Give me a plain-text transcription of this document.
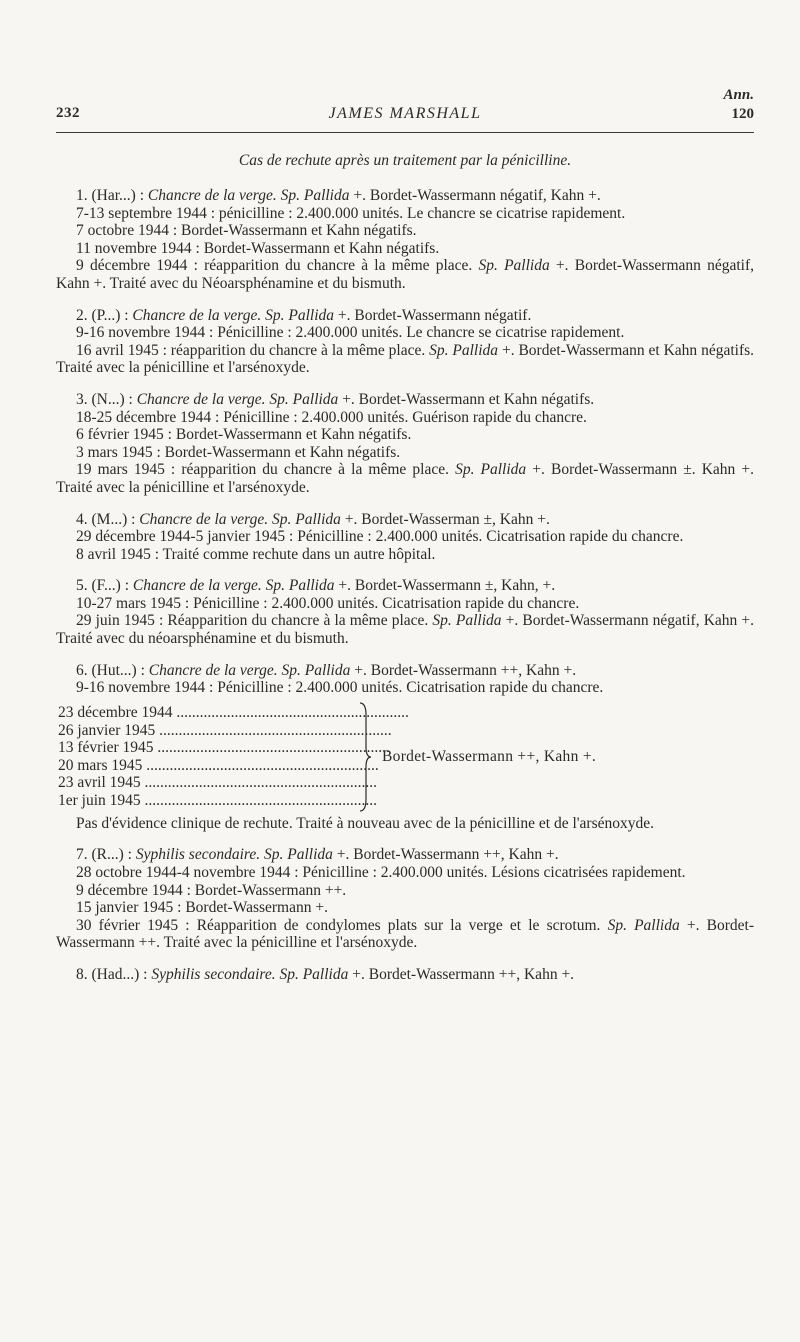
232	JAMES MARSHALL
Ann.
120
Cas de rechute après un traitement par la pénicilline.

1. (Har...) : Chancre de la verge. Sp. Pallida +. Bordet-Wassermann négatif, Kahn +.

7-13 septembre 1944 : pénicilline : 2.400.000 unités. Le chancre se cicatrise rapidement.

7 octobre 1944 : Bordet-Wassermann et Kahn négatifs.

11 novembre 1944 : Bordet-Wassermann et Kahn négatifs.

9 décembre 1944 : réapparition du chancre à la même place. Sp. Pallida +. Bordet-Wassermann négatif, Kahn +. Traité avec du Néoarsphénamine et du bismuth.

2. (P...) : Chancre de la verge. Sp. Pallida +. Bordet-Wassermann négatif.

9-16 novembre 1944 : Pénicilline : 2.400.000 unités. Le chancre se cicatrise rapidement.

16 avril 1945 : réapparition du chancre à la même place. Sp. Pallida +. Bordet-Wassermann et Kahn négatifs. Traité avec la pénicilline et l'arsénoxyde.

3. (N...) : Chancre de la verge. Sp. Pallida +. Bordet-Wassermann et Kahn négatifs.

18-25 décembre 1944 : Pénicilline : 2.400.000 unités. Guérison rapide du chancre.

6 février 1945 : Bordet-Wassermann et Kahn négatifs.

3 mars 1945 : Bordet-Wassermann et Kahn négatifs.

19 mars 1945 : réapparition du chancre à la même place. Sp. Pallida +. Bordet-Wassermann ±. Kahn +. Traité avec la pénicilline et l'arsénoxyde.

4. (M...) : Chancre de la verge. Sp. Pallida +. Bordet-Wasserman ±, Kahn +.

29 décembre 1944-5 janvier 1945 : Pénicilline : 2.400.000 unités. Cicatrisation rapide du chancre.

8 avril 1945 : Traité comme rechute dans un autre hôpital.

5. (F...) : Chancre de la verge. Sp. Pallida +. Bordet-Wassermann ±, Kahn, +.

10-27 mars 1945 : Pénicilline : 2.400.000 unités. Cicatrisation rapide du chancre.

29 juin 1945 : Réapparition du chancre à la même place. Sp. Pallida +. Bordet-Wassermann négatif, Kahn +. Traité avec du néoarsphénamine et du bismuth.

6. (Hut...) : Chancre de la verge. Sp. Pallida +. Bordet-Wassermann ++, Kahn +.

9-16 novembre 1944 : Pénicilline : 2.400.000 unités. Cicatrisation rapide du chancre.

23 décembre 1944 ............................................................
26 janvier 1945 ............................................................
13 février 1945 ............................................................
20 mars 1945 ............................................................
23 avril 1945 ............................................................
1er juin 1945 ............................................................
Bordet-Wassermann ++, Kahn +.

Pas d'évidence clinique de rechute. Traité à nouveau avec de la pénicilline et de l'arsénoxyde.

7. (R...) : Syphilis secondaire. Sp. Pallida +. Bordet-Wassermann ++, Kahn +.

28 octobre 1944-4 novembre 1944 : Pénicilline : 2.400.000 unités. Lésions cicatrisées rapidement.

9 décembre 1944 : Bordet-Wassermann ++.

15 janvier 1945 : Bordet-Wassermann +.

30 février 1945 : Réapparition de condylomes plats sur la verge et le scrotum. Sp. Pallida +. Bordet-Wassermann ++. Traité avec la pénicilline et l'arsénoxyde.

8. (Had...) : Syphilis secondaire. Sp. Pallida +. Bordet-Wassermann ++, Kahn +.
